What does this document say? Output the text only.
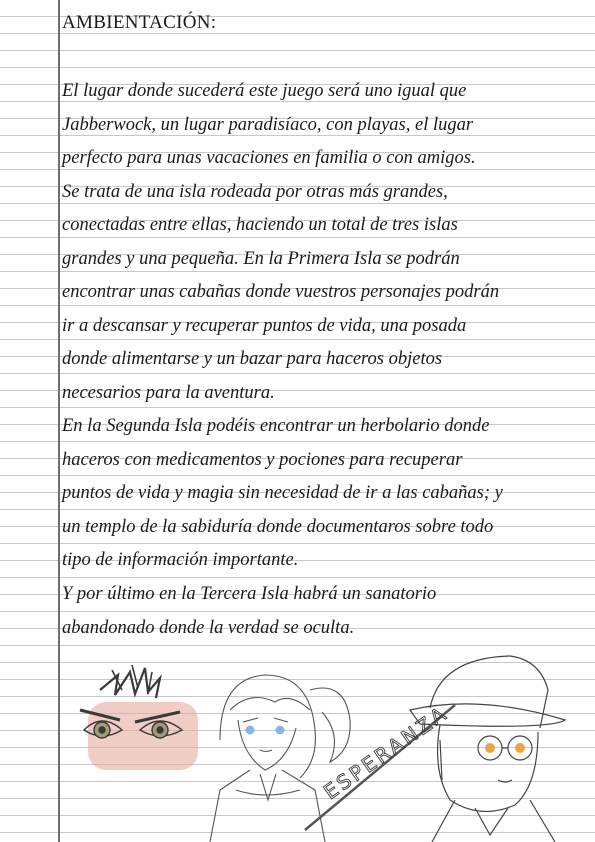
AMBIENTACIÓN:

El lugar donde sucederá este juego será uno igual que
Jabberwock, un lugar paradisíaco, con playas, el lugar
perfecto para unas vacaciones en familia o con amigos.
Se trata de una isla rodeada por otras más grandes,
conectadas entre ellas, haciendo un total de tres islas
grandes y una pequeña. En la Primera Isla se podrán
encontrar unas cabañas donde vuestros personajes podrán
ir a descansar y recuperar puntos de vida, una posada
donde alimentarse y un bazar para haceros objetos
necesarios para la aventura.

En la Segunda Isla podéis encontrar un herbolario donde
haceros con medicamentos y pociones para recuperar
puntos de vida y magia sin necesidad de ir a las cabañas; y
un templo de la sabiduría donde documentaros sobre todo
tipo de información importante.

Y por último en la Tercera Isla habrá un sanatorio
abandonado donde la verdad se oculta.

ESPERANZA
